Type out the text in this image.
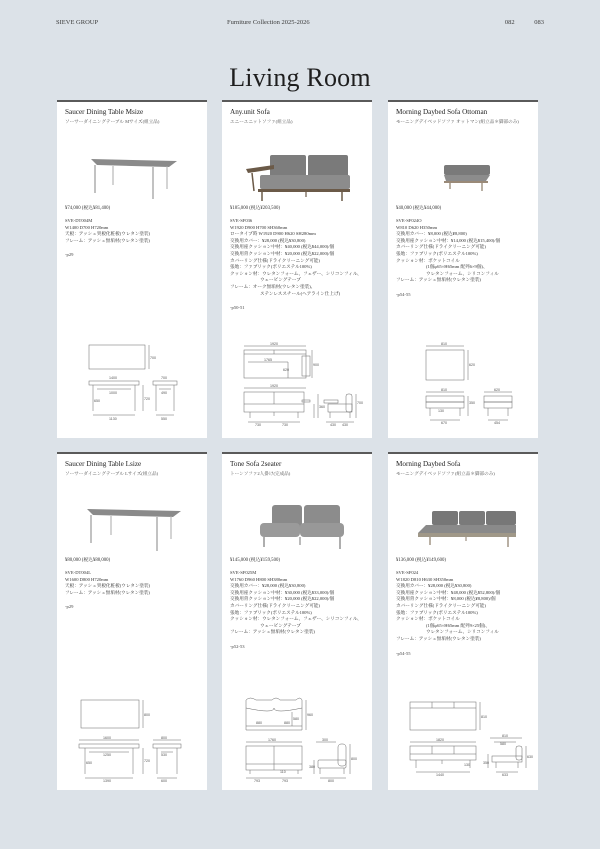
SIEVE GROUP	Furniture Collection 2025-2026	082	083
Living Room
Saucer Dining Table Msize
ソーサーダイニングテーブル Mサイズ(組立品)
¥74,000 (税込¥81,400)
SVE-DT004M
W1400 D700 H720mm
天板：アッシュ突板化粧板(ウレタン塗装)
フレーム：アッシュ無垢材(ウレタン塗装)
-p29
700
1400
1000
1130
720
650
700
490
550
Any.unit Sofa
エニーユニットソファ(組立品)
¥185,000 (税込¥203,500)
SVE-SF036
W1920 D900 H700 SH360mm
ロータイプ時 W1920 D900 H620 SH280mm
交換用カバー：¥28,000 (税込¥30,800)
交換用座クッション中材：¥40,000 (税込¥44,000)/個
交換用背クッション中材：¥20,000 (税込¥22,000)/個
カバーリング仕様(ドライクリーニング可能)
張地：ファブリック(ポリエステル100%)
クッション材：ウレタンフォーム、フェザー、シリコンフィル、
ウェービングテープ
フレーム：オーク無垢材(ウレタン塗装)、
ステンレススチール(ヘアライン仕上げ)
-p50-51
1920
1765
900
620
1920
730	730
360
700
430 430
Morning Daybed Sofa Ottoman
モーニングデイベッドソファ オットマン(組立品＊脚部のみ)
¥40,000 (税込¥44,000)
SVE-SF024O
W810 D620 H350mm
交換用カバー：¥8,000 (税込¥8,800)
交換用座クッション中材：¥14,000 (税込¥15,400)/個
カバーリング仕様(ドライクリーニング可能)
張地：ファブリック(ポリエステル100%)
クッション材：ポケットコイル
(1個φ65×H65mm 配列6×9個)、
ウレタンフォーム、シリコンフィル
フレーム：アッシュ無垢材(ウレタン塗装)
-p54-55
810
620
810
670
350
130
620
454
Saucer Dining Table Lsize
ソーサーダイニングテーブル Lサイズ(組立品)
¥80,000 (税込¥88,000)
SVE-DT004L
W1600 D800 H720mm
天板：アッシュ突板化粧板(ウレタン塗装)
フレーム：アッシュ無垢材(ウレタン塗装)
-p29
800
1600
1250
1390
720
650
800
530
600
Tone Sofa 2seater
トーンソファ2人掛け(完成品)
¥145,000 (税込¥159,500)
SVE-SF025M
W1760 D960 H800 SH380mm
交換用カバー：¥28,000 (税込¥30,800)
交換用座クッション中材：¥30,000 (税込¥33,000)/個
交換用背クッション中材：¥20,000 (税込¥22,000)/個
カバーリング仕様(ドライクリーニング可能)
張地：ファブリック(ポリエステル100%)
クッション材：ウレタンフォーム、フェザー、シリコンフィル、
ウェービングテープ
フレーム：アッシュ無垢材(ウレタン塗装)
-p52-53
880	880
580
960
1760
793	793
110
300
800
380
800
Morning Daybed Sofa
モーニングデイベッドソファ(組立品＊脚部のみ)
¥136,000 (税込¥149,600)
SVE-SF024
W1820 D810 H630 SH350mm
交換用カバー：¥28,000 (税込¥30,800)
交換用座クッション中材：¥48,000 (税込¥52,800)/個
交換用背クッション中材：¥8,000 (税込¥8,800)/個
カバーリング仕様(ドライクリーニング可能)
張地：ファブリック(ポリエステル100%)
クッション材：ポケットコイル
(1個φ65×H65mm 配列9×25個)、
ウレタンフォーム、シリコンフィル
フレーム：アッシュ無垢材(ウレタン塗装)
-p54-55
810
1820
1440
130
810
580
350
630
633
